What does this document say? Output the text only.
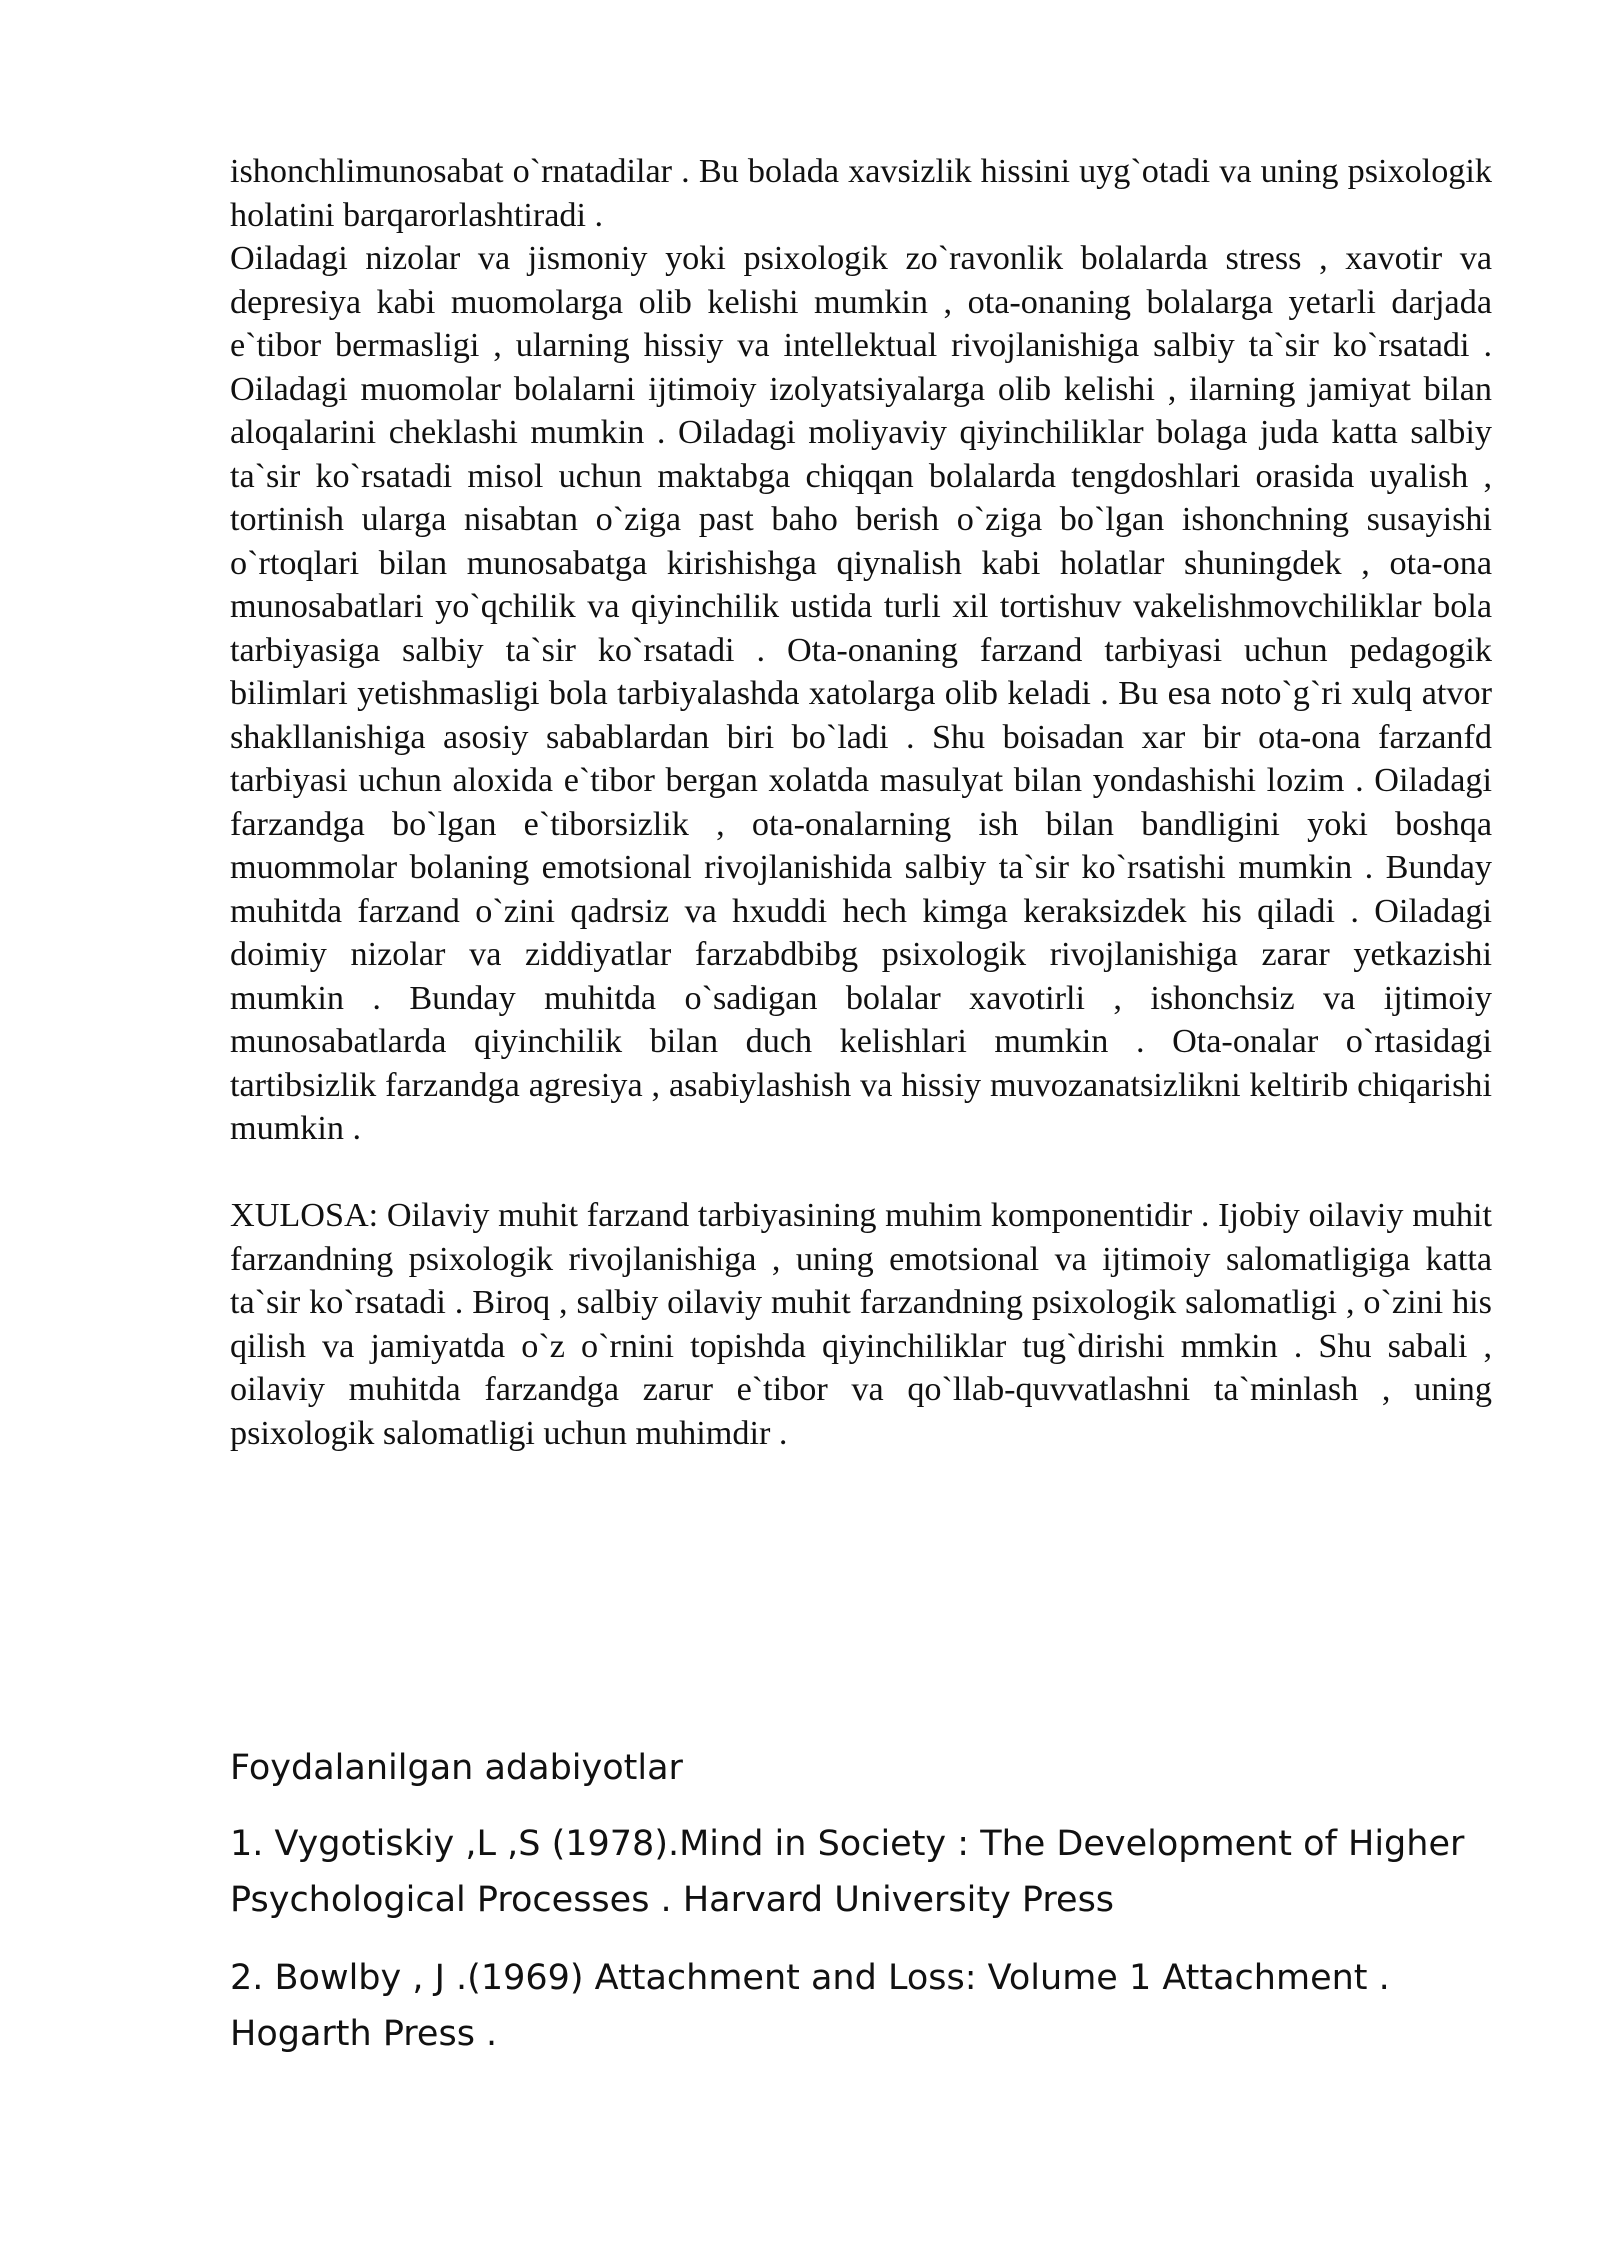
ishonchlimunosabat o`rnatadilar . Bu bolada xavsizlik hissini uyg`otadi va uning psixologik holatini barqarorlashtiradi .

Oiladagi nizolar va jismoniy yoki psixologik zo`ravonlik bolalarda stress , xavotir va depresiya kabi muomolarga olib kelishi mumkin , ota-onaning bolalarga yetarli darjada e`tibor bermasligi , ularning hissiy va intellektual rivojlanishiga salbiy ta`sir ko`rsatadi . Oiladagi muomolar bolalarni ijtimoiy izolyatsiyalarga olib kelishi , ilarning jamiyat bilan aloqalarini cheklashi mumkin . Oiladagi moliyaviy qiyinchiliklar bolaga juda katta salbiy ta`sir ko`rsatadi misol uchun maktabga chiqqan bolalarda tengdoshlari orasida uyalish , tortinish ularga nisabtan o`ziga past baho berish o`ziga bo`lgan ishonchning susayishi o`rtoqlari bilan munosabatga kirishishga qiynalish kabi holatlar shuningdek , ota-ona munosabatlari yo`qchilik va qiyinchilik ustida turli xil tortishuv vakelishmovchiliklar bola tarbiyasiga salbiy ta`sir ko`rsatadi . Ota-onaning farzand tarbiyasi uchun pedagogik bilimlari yetishmasligi bola tarbiyalashda xatolarga olib keladi . Bu esa noto`g`ri xulq atvor shakllanishiga asosiy sabablardan biri bo`ladi . Shu boisadan xar bir ota-ona farzanfd tarbiyasi uchun aloxida e`tibor bergan xolatda masulyat bilan yondashishi lozim . Oiladagi farzandga bo`lgan e`tiborsizlik , ota-onalarning ish bilan bandligini yoki boshqa muommolar bolaning emotsional rivojlanishida salbiy ta`sir ko`rsatishi mumkin . Bunday muhitda farzand o`zini qadrsiz va hxuddi hech kimga keraksizdek his qiladi . Oiladagi doimiy nizolar va ziddiyatlar farzabdbibg psixologik rivojlanishiga zarar yetkazishi mumkin . Bunday muhitda o`sadigan bolalar xavotirli , ishonchsiz va ijtimoiy munosabatlarda qiyinchilik bilan duch kelishlari mumkin . Ota-onalar o`rtasidagi tartibsizlik farzandga agresiya , asabiylashish va hissiy muvozanatsizlikni keltirib chiqarishi mumkin .

XULOSA: Oilaviy muhit farzand tarbiyasining muhim komponentidir . Ijobiy oilaviy muhit farzandning psixologik rivojlanishiga , uning emotsional va ijtimoiy salomatligiga katta ta`sir ko`rsatadi . Biroq , salbiy oilaviy muhit farzandning psixologik salomatligi , o`zini his qilish va jamiyatda o`z o`rnini topishda qiyinchiliklar tug`dirishi mmkin . Shu sabali , oilaviy muhitda farzandga zarur e`tibor va qo`llab-quvvatlashni ta`minlash , uning psixologik salomatligi uchun muhimdir .

Foydalanilgan adabiyotlar

1. Vygotiskiy ,L ,S (1978).Mind in Society : The Development of Higher Psychological Processes . Harvard University Press

2. Bowlby , J .(1969) Attachment and Loss: Volume 1 Attachment . Hogarth Press .
